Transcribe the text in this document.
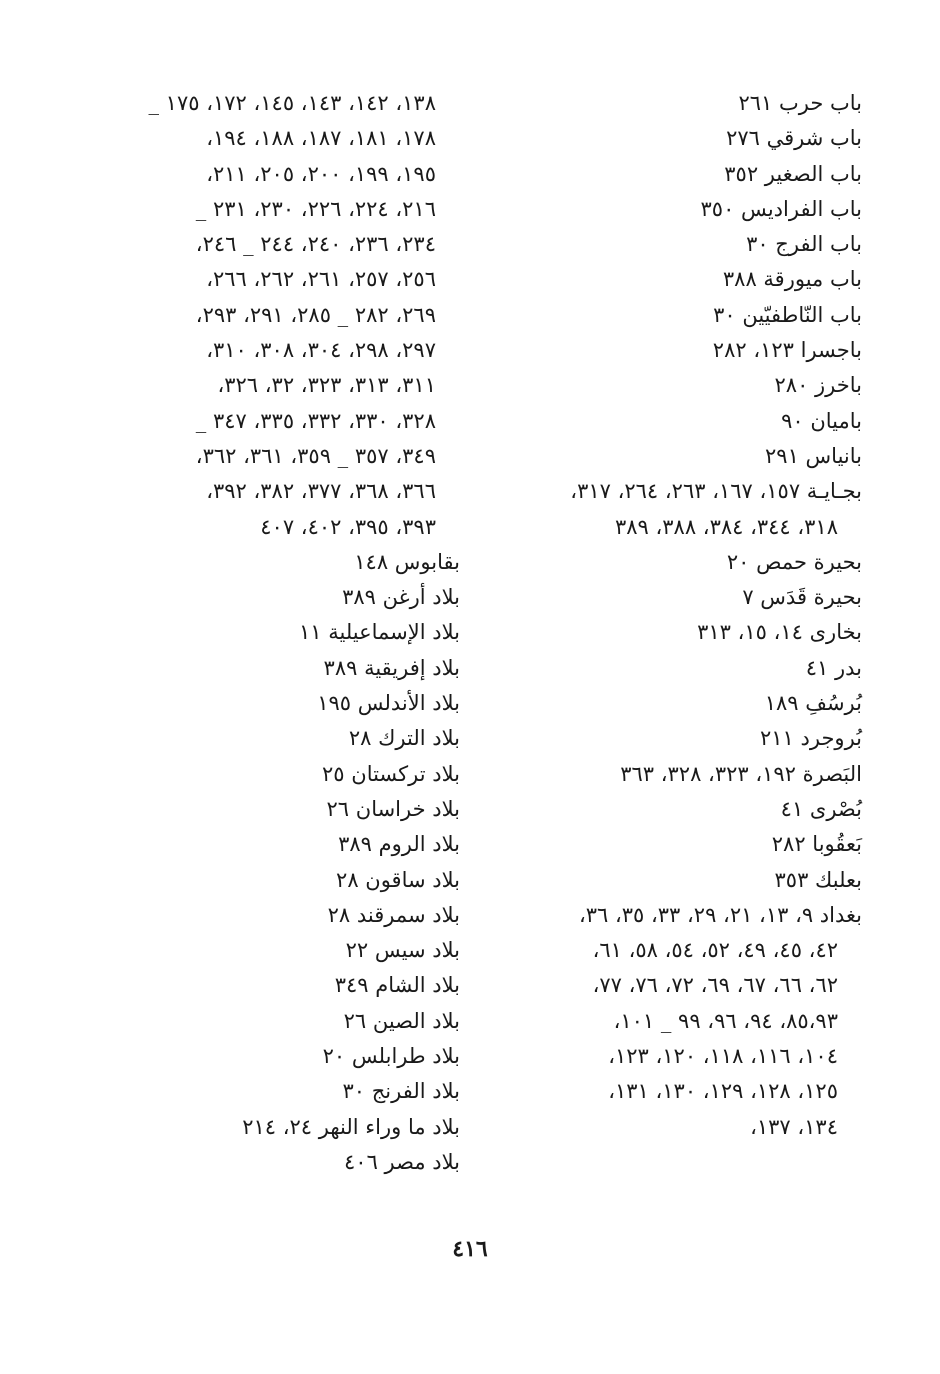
باب حرب ٢٦١
باب شرقي ٢٧٦
باب الصغير ٣٥٢
باب الفراديس ٣٥٠
باب الفرج ٣٠
باب ميورقة ٣٨٨
باب النّاطفيّين ٣٠
باجسرا ١٢٣، ٢٨٢
باخرز ٢٨٠
باميان ٩٠
بانياس ٢٩١
بجـايـة ١٥٧، ١٦٧، ٢٦٣، ٢٦٤، ٣١٧،
٣١٨، ٣٤٤، ٣٨٤، ٣٨٨، ٣٨٩
بحيرة حمص ٢٠
بحيرة قَدَس ٧
بخارى ١٤، ١٥، ٣١٣
بدر ٤١
بُرسُفِ ١٨٩
بُروجرد ٢١١
البَصرة ١٩٢، ٣٢٣، ٣٢٨، ٣٦٣
بُصْرى ٤١
بَعقُوبا ٢٨٢
بعلبك ٣٥٣
بغداد ٩، ١٣، ٢١، ٢٩، ٣٣، ٣٥، ٣٦،
٤٢، ٤٥، ٤٩، ٥٢، ٥٤، ٥٨، ٦١،
٦٢، ٦٦، ٦٧، ٦٩، ٧٢، ٧٦، ٧٧،
٨٥،٩٣، ٩٤، ٩٦، ٩٩ _ ١٠١،
١٠٤، ١١٦، ١١٨، ١٢٠، ١٢٣،
١٢٥، ١٢٨، ١٢٩، ١٣٠، ١٣١،
١٣٤، ١٣٧،
١٣٨، ١٤٢، ١٤٣، ١٤٥، ١٧٢، ١٧٥ _
١٧٨، ١٨١، ١٨٧، ١٨٨، ١٩٤،
١٩٥، ١٩٩، ٢٠٠، ٢٠٥، ٢١١،
٢١٦، ٢٢٤، ٢٢٦، ٢٣٠، ٢٣١ _
٢٣٤، ٢٣٦، ٢٤٠، ٢٤٤ _ ٢٤٦،
٢٥٦، ٢٥٧، ٢٦١، ٢٦٢، ٢٦٦،
٢٦٩، ٢٨٢ _ ٢٨٥، ٢٩١، ٢٩٣،
٢٩٧، ٢٩٨، ٣٠٤، ٣٠٨، ٣١٠،
٣١١، ٣١٣، ٣٢٣، ٣٢، ٣٢٦،
٣٢٨، ٣٣٠، ٣٣٢، ٣٣٥، ٣٤٧ _
٣٤٩، ٣٥٧ _ ٣٥٩، ٣٦١، ٣٦٢،
٣٦٦، ٣٦٨، ٣٧٧، ٣٨٢، ٣٩٢،
٣٩٣، ٣٩٥، ٤٠٢، ٤٠٧
بقابوس ١٤٨
بلاد أرغن ٣٨٩
بلاد الإسماعيلية ١١
بلاد إفريقية ٣٨٩
بلاد الأندلس ١٩٥
بلاد الترك ٢٨
بلاد تركستان ٢٥
بلاد خراسان ٢٦
بلاد الروم ٣٨٩
بلاد ساقون ٢٨
بلاد سمرقند ٢٨
بلاد سيس ٢٢
بلاد الشام ٣٤٩
بلاد الصين ٢٦
بلاد طرابلس ٢٠
بلاد الفرنج ٣٠
بلاد ما وراء النهر ٢٤، ٢١٤
بلاد مصر ٤٠٦
٤١٦
